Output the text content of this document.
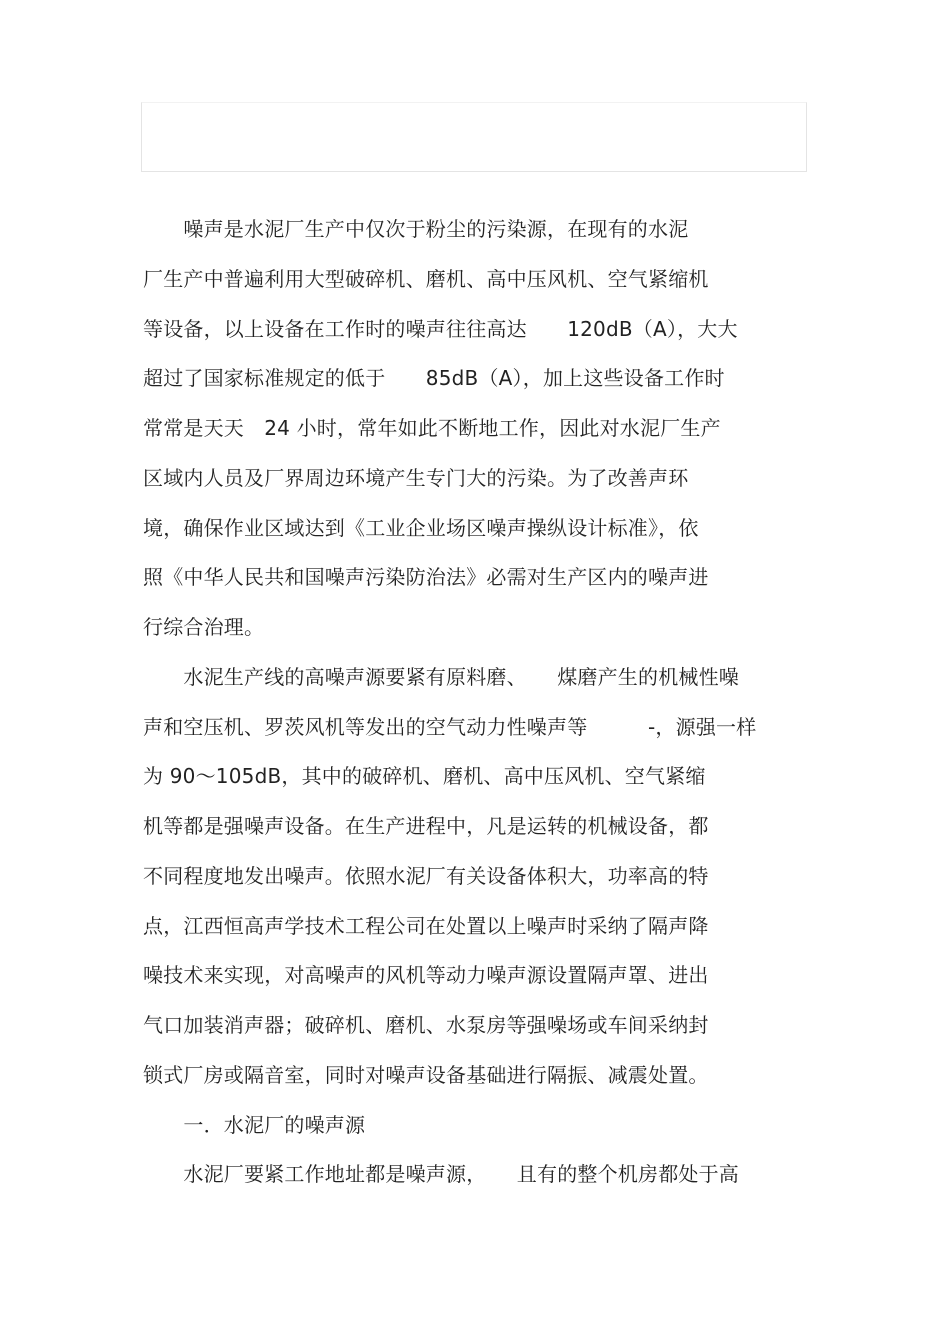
　　噪声是水泥厂生产中仅次于粉尘的污染源，在现有的水泥
厂生产中普遍利用大型破碎机、磨机、高中压风机、空气紧缩机
等设备，以上设备在工作时的噪声往往高达　　120dB（A），大大
超过了国家标准规定的低于　　85dB（A），加上这些设备工作时
常常是天天　24 小时，常年如此不断地工作，因此对水泥厂生产
区域内人员及厂界周边环境产生专门大的污染。为了改善声环
境，确保作业区域达到《工业企业场区噪声操纵设计标准》，依
照《中华人民共和国噪声污染防治法》必需对生产区内的噪声进
行综合治理。
　　水泥生产线的高噪声源要紧有原料磨、　　煤磨产生的机械性噪
声和空压机、罗茨风机等发出的空气动力性噪声等　　　-，源强一样
为 90～105dB，其中的破碎机、磨机、高中压风机、空气紧缩
机等都是强噪声设备。在生产进程中，凡是运转的机械设备，都
不同程度地发出噪声。依照水泥厂有关设备体积大，功率高的特
点，江西恒高声学技术工程公司在处置以上噪声时采纳了隔声降
噪技术来实现，对高噪声的风机等动力噪声源设置隔声罩、进出
气口加装消声器；破碎机、磨机、水泵房等强噪场或车间采纳封
锁式厂房或隔音室，同时对噪声设备基础进行隔振、减震处置。
　　一．水泥厂的噪声源
　　水泥厂要紧工作地址都是噪声源，　　且有的整个机房都处于高
